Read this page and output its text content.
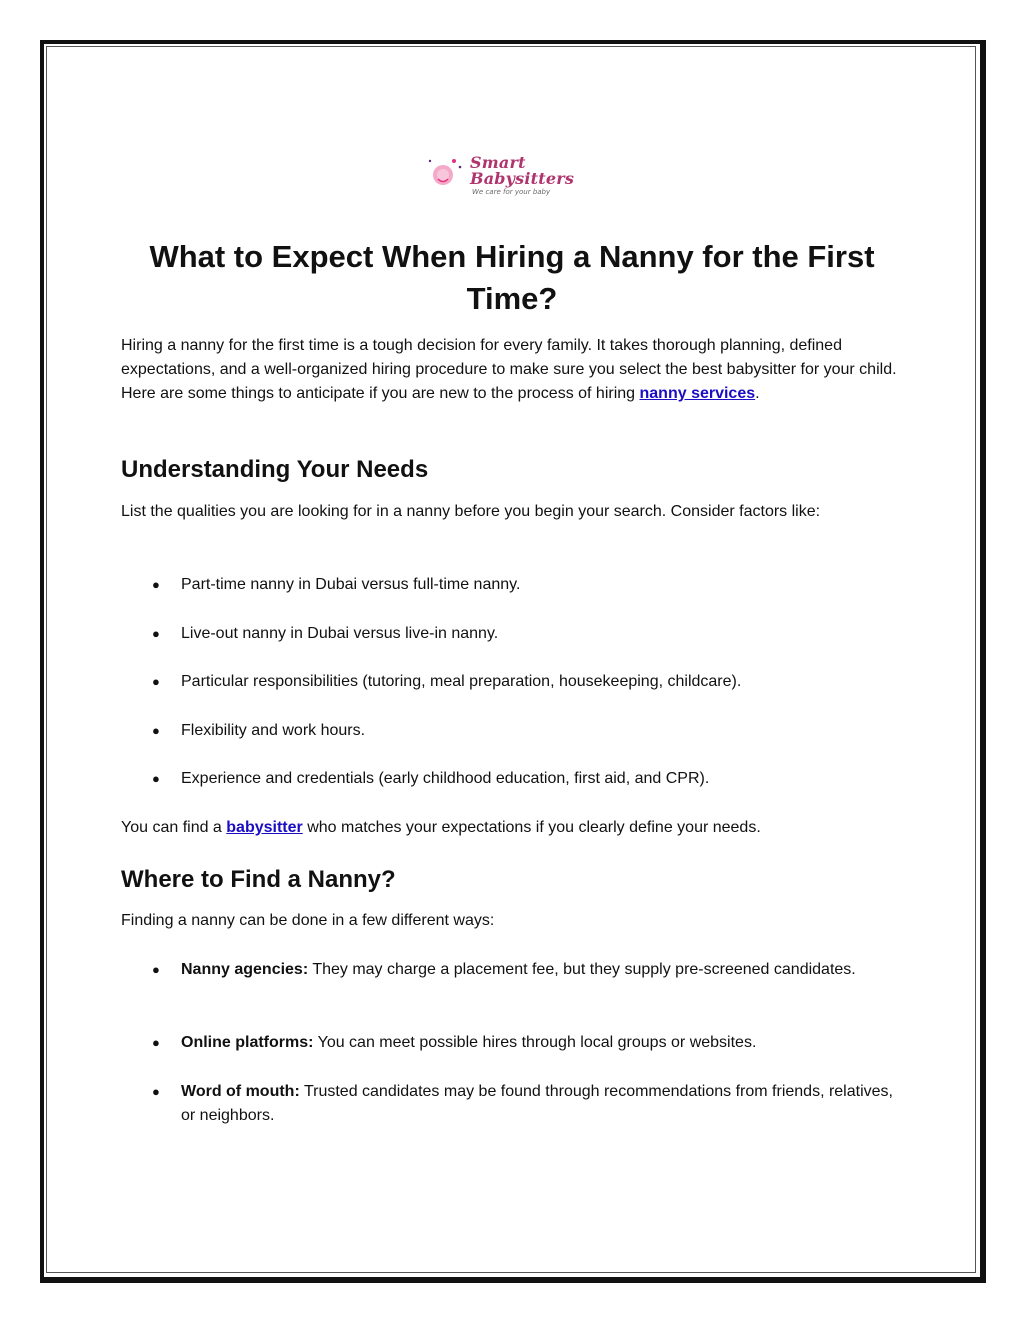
Smart Babysitters
We care for your baby
What to Expect When Hiring a Nanny for the First Time?

Hiring a nanny for the first time is a tough decision for every family. It takes thorough planning, defined expectations, and a well-organized hiring procedure to make sure you select the best babysitter for your child. Here are some things to anticipate if you are new to the process of hiring nanny services.

Understanding Your Needs

List the qualities you are looking for in a nanny before you begin your search. Consider factors like:

● Part-time nanny in Dubai versus full-time nanny.
● Live-out nanny in Dubai versus live-in nanny.
● Particular responsibilities (tutoring, meal preparation, housekeeping, childcare).
● Flexibility and work hours.
● Experience and credentials (early childhood education, first aid, and CPR).

You can find a babysitter who matches your expectations if you clearly define your needs.

Where to Find a Nanny?

Finding a nanny can be done in a few different ways:

● Nanny agencies: They may charge a placement fee, but they supply pre-screened candidates.
● Online platforms: You can meet possible hires through local groups or websites.
● Word of mouth: Trusted candidates may be found through recommendations from friends, relatives, or neighbors.
